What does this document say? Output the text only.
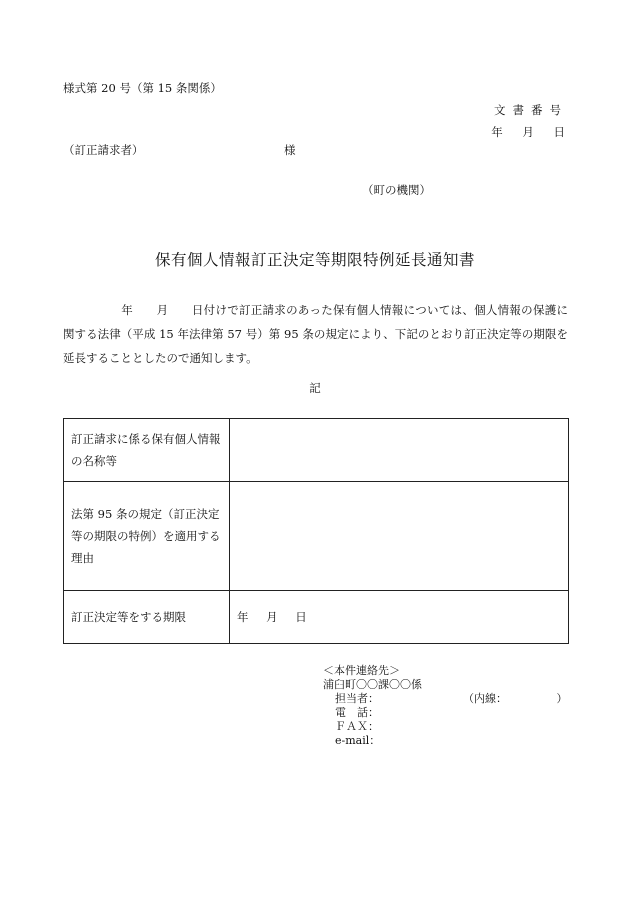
様式第 20 号（第 15 条関係）
文書番号
年 月 日
（訂正請求者）	様
（町の機関）
保有個人情報訂正決定等期限特例延長通知書
年　　月　　日付けで訂正請求のあった保有個人情報については、個人情報の保護に関する法律（平成 15 年法律第 57 号）第 95 条の規定により、下記のとおり訂正決定等の期限を延長することとしたので通知します。
記
訂正請求に係る保有個人情報の名称等	
法第 95 条の規定（訂正決定等の期限の特例）を適用する理由	
訂正決定等をする期限	年 月 日
＜本件連絡先＞
浦臼町〇〇課〇〇係
担当者：	（内線：　　　　　）
電　話：
ＦＡＸ：
e-mail：
